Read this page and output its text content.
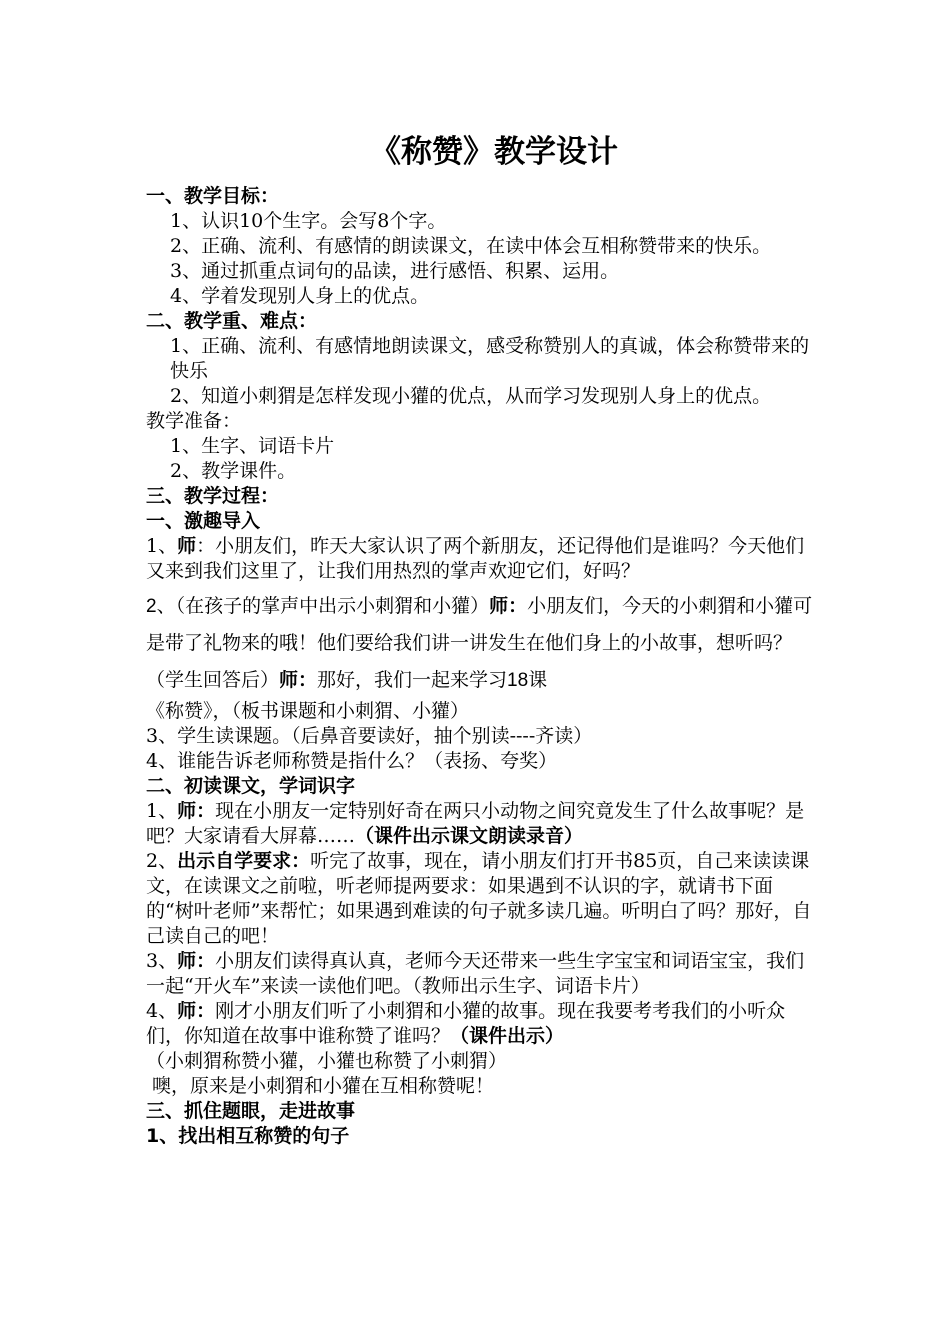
《称赞》教学设计
一、教学目标：
1、认识10个生字。会写8个字。
2、正确、流利、有感情的朗读课文，在读中体会互相称赞带来的快乐。
3、通过抓重点词句的品读，进行感悟、积累、运用。
4、学着发现别人身上的优点。
二、教学重、难点：
1、正确、流利、有感情地朗读课文，感受称赞别人的真诚，体会称赞带来的快乐
2、知道小刺猬是怎样发现小獾的优点，从而学习发现别人身上的优点。
教学准备：
1、生字、词语卡片
2、教学课件。
三、教学过程：
一、激趣导入
1、师：小朋友们，昨天大家认识了两个新朋友，还记得他们是谁吗？今天他们又来到我们这里了，让我们用热烈的掌声欢迎它们，好吗？
2、（在孩子的掌声中出示小刺猬和小獾）师：小朋友们，今天的小刺猬和小獾可是带了礼物来的哦！他们要给我们讲一讲发生在他们身上的小故事，想听吗？（学生回答后）师：那好，我们一起来学习18课
《称赞》，（板书课题和小刺猬、小獾）
3、学生读课题。（后鼻音要读好，抽个别读----齐读）
4、谁能告诉老师称赞是指什么？（表扬、夸奖）
二、初读课文，学词识字
1、师：现在小朋友一定特别好奇在两只小动物之间究竟发生了什么故事呢？是吧？大家请看大屏幕……（课件出示课文朗读录音）
2、出示自学要求：听完了故事，现在，请小朋友们打开书85页，自己来读读课文，在读课文之前啦，听老师提两要求：如果遇到不认识的字，就请书下面的“树叶老师”来帮忙；如果遇到难读的句子就多读几遍。听明白了吗？那好，自己读自己的吧！
3、师：小朋友们读得真认真，老师今天还带来一些生字宝宝和词语宝宝，我们一起“开火车”来读一读他们吧。（教师出示生字、词语卡片）
4、师：刚才小朋友们听了小刺猬和小獾的故事。现在我要考考我们的小听众们，你知道在故事中谁称赞了谁吗？（课件出示）
（小刺猬称赞小獾，小獾也称赞了小刺猬）
噢，原来是小刺猬和小獾在互相称赞呢！
三、抓住题眼，走进故事
1、找出相互称赞的句子
